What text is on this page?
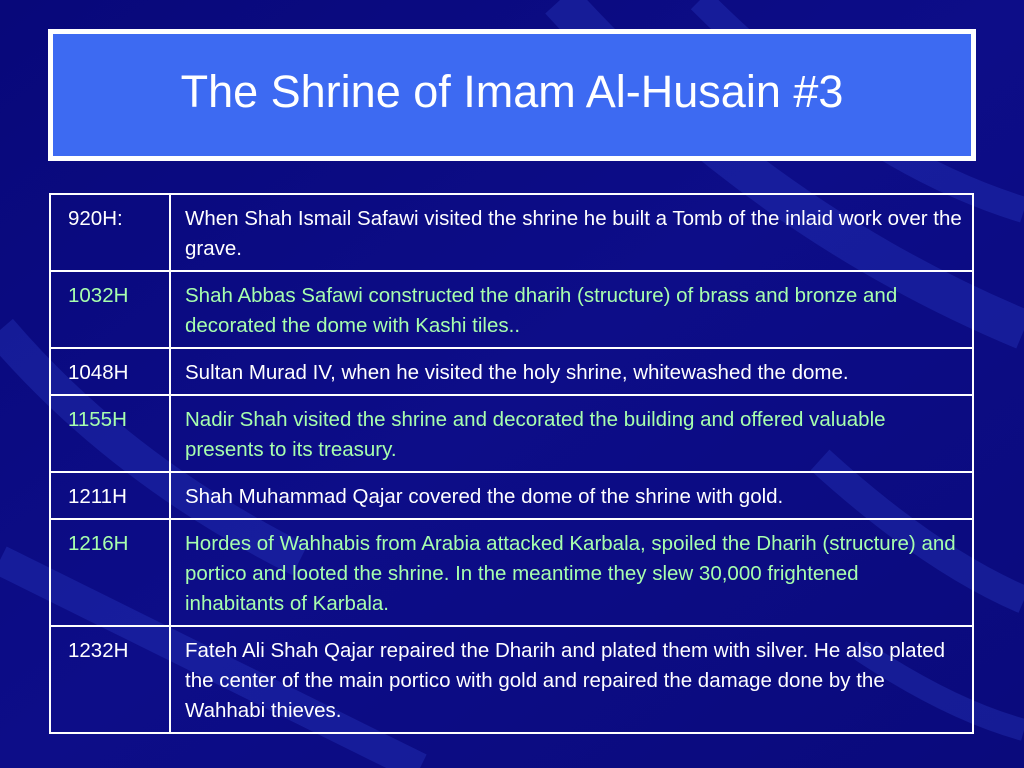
The Shrine of Imam Al-Husain #3
920H:	When Shah Ismail Safawi visited the shrine he built a Tomb of the inlaid work over the grave.
1032H	Shah Abbas Safawi constructed the dharih (structure) of brass and bronze and decorated the dome with Kashi tiles..
1048H	Sultan Murad IV, when he visited the holy shrine, whitewashed the dome.

1155H	Nadir Shah visited the shrine and decorated the building and offered valuable presents to its treasury.
1211H	Shah Muhammad Qajar covered the dome of the shrine with gold.
1216H	Hordes of Wahhabis from Arabia attacked Karbala, spoiled the Dharih (structure) and portico and looted the shrine. In the meantime they slew 30,000 frightened inhabitants of Karbala.
1232H	Fateh Ali Shah Qajar repaired the Dharih and plated them with silver. He also plated the center of the main portico with gold and repaired the damage done by the Wahhabi thieves.
